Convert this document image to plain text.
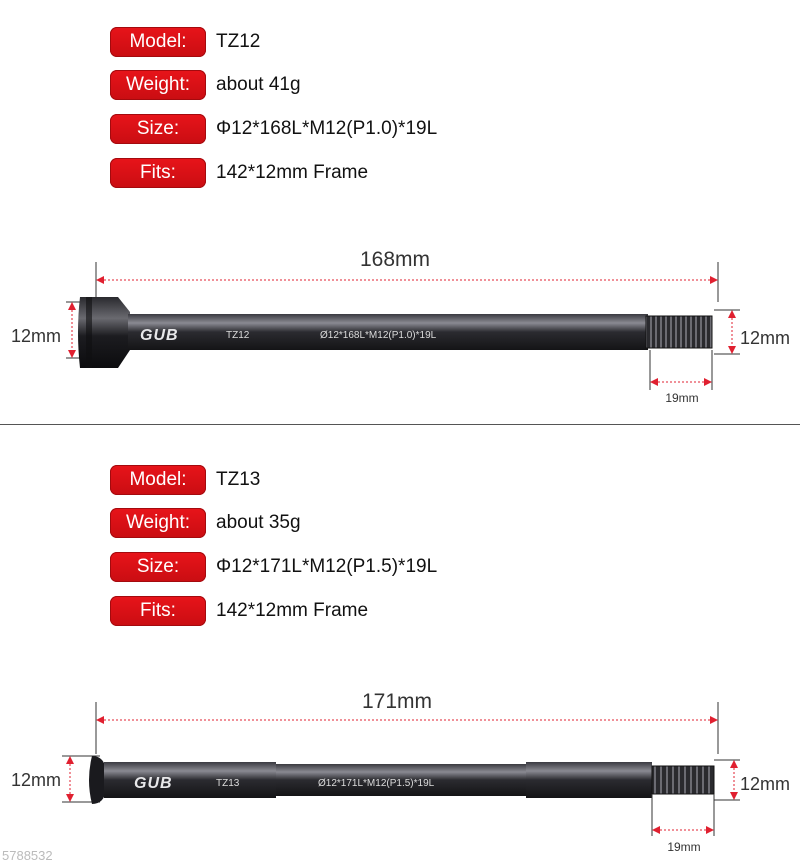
Model:	TZ12
Weight:	about 41g
Size:	Φ12*168L*M12(P1.0)*19L
Fits:	142*12mm Frame
168mm
12mm	GUB	TZ12	Ø12*168L*M12(P1.0)*19L	12mm
19mm
Model:	TZ13
Weight:	about 35g
Size:	Φ12*171L*M12(P1.5)*19L
Fits:	142*12mm Frame
171mm
12mm	GUB	TZ13	Ø12*171L*M12(P1.5)*19L	12mm
19mm
5788532
